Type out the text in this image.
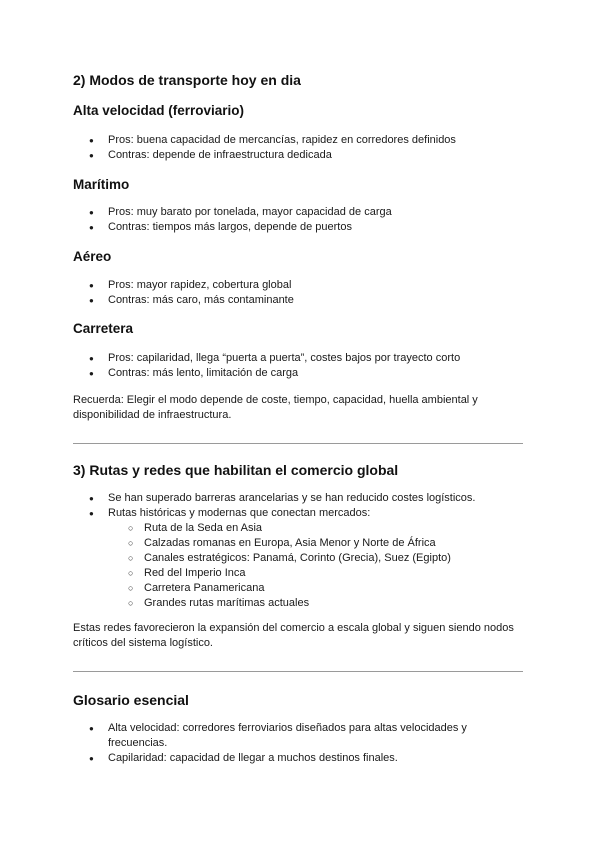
2) Modos de transporte hoy en dia
Alta velocidad (ferroviario)
● Pros: buena capacidad de mercancías, rapidez en corredores definidos
● Contras: depende de infraestructura dedicada
Marítimo
● Pros: muy barato por tonelada, mayor capacidad de carga
● Contras: tiempos más largos, depende de puertos
Aéreo
● Pros: mayor rapidez, cobertura global
● Contras: más caro, más contaminante
Carretera
● Pros: capilaridad, llega “puerta a puerta”, costes bajos por trayecto corto
● Contras: más lento, limitación de carga

Recuerda: Elegir el modo depende de coste, tiempo, capacidad, huella ambiental y disponibilidad de infraestructura.

3) Rutas y redes que habilitan el comercio global
● Se han superado barreras arancelarias y se han reducido costes logísticos.
● Rutas históricas y modernas que conectan mercados:
○ Ruta de la Seda en Asia
○ Calzadas romanas en Europa, Asia Menor y Norte de África
○ Canales estratégicos: Panamá, Corinto (Grecia), Suez (Egipto)
○ Red del Imperio Inca
○ Carretera Panamericana
○ Grandes rutas marítimas actuales

Estas redes favorecieron la expansión del comercio a escala global y siguen siendo nodos críticos del sistema logístico.

Glosario esencial
● Alta velocidad: corredores ferroviarios diseñados para altas velocidades y frecuencias.
● Capilaridad: capacidad de llegar a muchos destinos finales.
